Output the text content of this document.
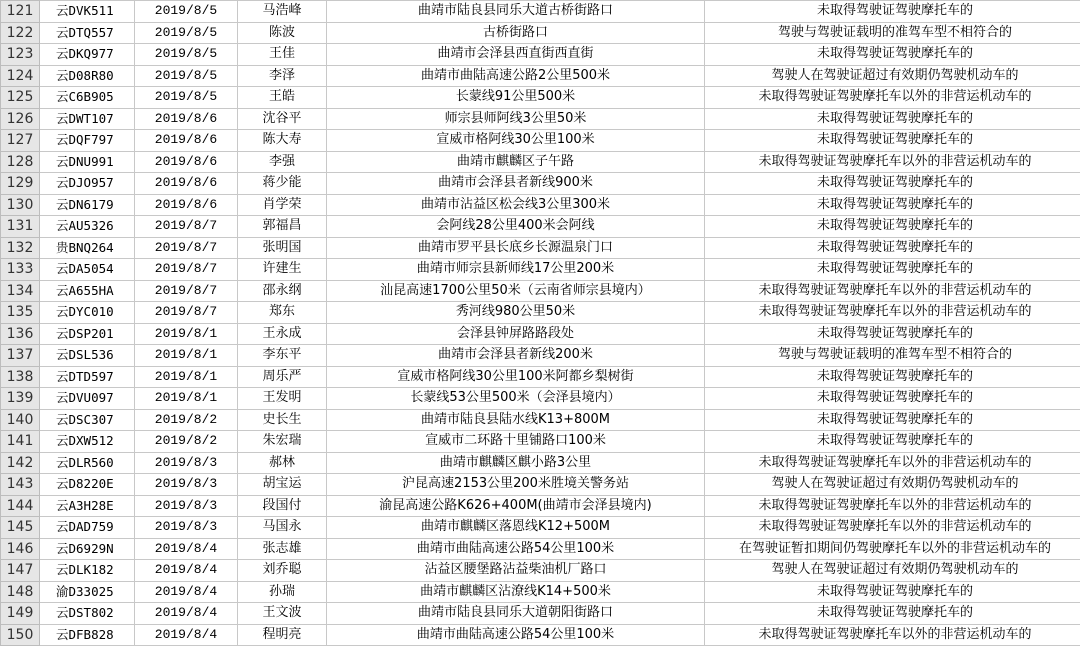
121	云DVK511	2019/8/5	马浩峰	曲靖市陆良县同乐大道古桥街路口	未取得驾驶证驾驶摩托车的	
122	云DTQ557	2019/8/5	陈波	古桥街路口	驾驶与驾驶证载明的准驾车型不相符合的	
123	云DKQ977	2019/8/5	王佳	曲靖市会泽县西直街西直街	未取得驾驶证驾驶摩托车的	
124	云D08R80	2019/8/5	李泽	曲靖市曲陆高速公路2公里500米	驾驶人在驾驶证超过有效期仍驾驶机动车的	
125	云C6B905	2019/8/5	王皓	长蒙线91公里500米	未取得驾驶证驾驶摩托车以外的非营运机动车的	
126	云DWT107	2019/8/6	沈谷平	师宗县师阿线3公里50米	未取得驾驶证驾驶摩托车的	
127	云DQF797	2019/8/6	陈大寿	宣威市格阿线30公里100米	未取得驾驶证驾驶摩托车的	
128	云DNU991	2019/8/6	李强	曲靖市麒麟区子午路	未取得驾驶证驾驶摩托车以外的非营运机动车的	
129	云DJO957	2019/8/6	蒋少能	曲靖市会泽县者新线900米	未取得驾驶证驾驶摩托车的	
130	云DN6179	2019/8/6	肖学荣	曲靖市沾益区松会线3公里300米	未取得驾驶证驾驶摩托车的	
131	云AU5326	2019/8/7	郭福昌	会阿线28公里400米会阿线	未取得驾驶证驾驶摩托车的	
132	贵BNQ264	2019/8/7	张明国	曲靖市罗平县长底乡长源温泉门口	未取得驾驶证驾驶摩托车的	
133	云DA5054	2019/8/7	许建生	曲靖市师宗县新师线17公里200米	未取得驾驶证驾驶摩托车的	
134	云A655HA	2019/8/7	邵永纲	汕昆高速1700公里50米（云南省师宗县境内）	未取得驾驶证驾驶摩托车以外的非营运机动车的	
135	云DYC010	2019/8/7	郑东	秀河线980公里50米	未取得驾驶证驾驶摩托车以外的非营运机动车的	
136	云DSP201	2019/8/1	王永成	会泽县钟屏路路段处	未取得驾驶证驾驶摩托车的	
137	云DSL536	2019/8/1	李东平	曲靖市会泽县者新线200米	驾驶与驾驶证载明的准驾车型不相符合的	
138	云DTD597	2019/8/1	周乐严	宣威市格阿线30公里100米阿都乡梨树街	未取得驾驶证驾驶摩托车的	
139	云DVU097	2019/8/1	王发明	长蒙线53公里500米（会泽县境内）	未取得驾驶证驾驶摩托车的	
140	云DSC307	2019/8/2	史长生	曲靖市陆良县陆水线K13+800M	未取得驾驶证驾驶摩托车的	
141	云DXW512	2019/8/2	朱宏瑞	宣威市二环路十里铺路口100米	未取得驾驶证驾驶摩托车的	
142	云DLR560	2019/8/3	郝林	曲靖市麒麟区麒小路3公里	未取得驾驶证驾驶摩托车以外的非营运机动车的	
143	云D8220E	2019/8/3	胡宝运	沪昆高速2153公里200米胜境关警务站	驾驶人在驾驶证超过有效期仍驾驶机动车的	
144	云A3H28E	2019/8/3	段国付	渝昆高速公路K626+400M(曲靖市会泽县境内)	未取得驾驶证驾驶摩托车以外的非营运机动车的	
145	云DAD759	2019/8/3	马国永	曲靖市麒麟区落恩线K12+500M	未取得驾驶证驾驶摩托车以外的非营运机动车的	
146	云D6929N	2019/8/4	张志雄	曲靖市曲陆高速公路54公里100米	在驾驶证暂扣期间仍驾驶摩托车以外的非营运机动车的	
147	云DLK182	2019/8/4	刘乔聪	沾益区腰堡路沾益柴油机厂路口	驾驶人在驾驶证超过有效期仍驾驶机动车的	
148	渝D33025	2019/8/4	孙瑞	曲靖市麒麟区沾潦线K14+500米	未取得驾驶证驾驶摩托车的	
149	云DST802	2019/8/4	王文波	曲靖市陆良县同乐大道朝阳街路口	未取得驾驶证驾驶摩托车的	
150	云DFB828	2019/8/4	程明亮	曲靖市曲陆高速公路54公里100米	未取得驾驶证驾驶摩托车以外的非营运机动车的	
